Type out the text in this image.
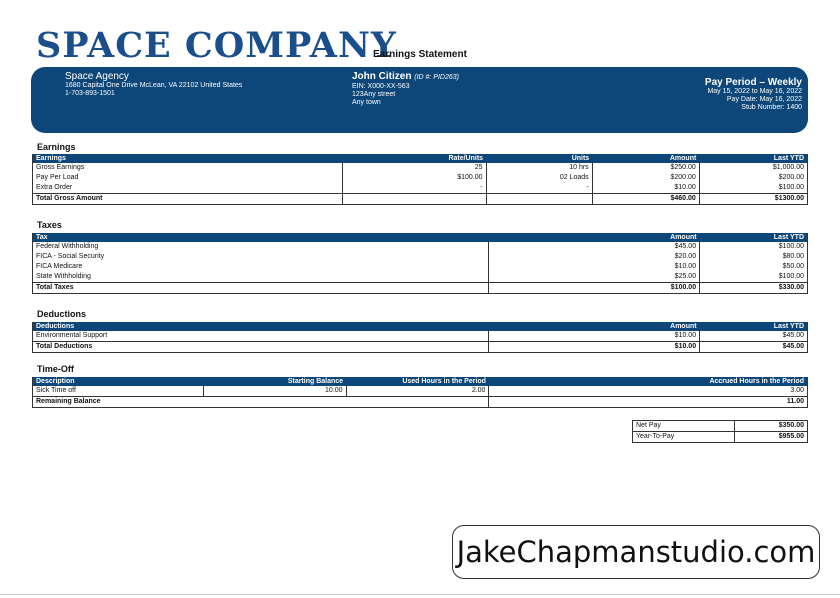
SPACE COMPANY
Earnings Statement
Space Agency
1680 Capital One Drive McLean, VA 22102 United States
1-703-893-1501
John Citizen (ID #: PID263)
EIN: X000-XX-563
123Any street
Any town
Pay Period – Weekly
May 15, 2022 to May 16, 2022
Pay Date: May 16, 2022
Stub Number: 1400
Earnings
Earnings	Rate/Units	Units	Amount	Last YTD
Gross Earnings	25	10 hrs	$250.00	$1,000.00
Pay Per Load	$100.00	02 Loads	$200.00	$200.00
Extra Order	-	-	$10.00	$100.00
Total Gross Amount			$460.00	$1300.00
Taxes
Tax	Amount	Last YTD
Federal Withholding	$45.00	$100.00
FICA - Social Security	$20.00	$80.00
FICA Medicare	$10.00	$50.00
State Withholding	$25.00	$100.00
Total Taxes	$100.00	$330.00
Deductions
Deductions	Amount	Last YTD
Environmental Support	$10.00	$45.00
Total Deductions	$10.00	$45.00
Time-Off
Description	Starting Balance	Used Hours in the Period	Accrued Hours in the Period
Sick Time off	10.00	2.00	3.00
Remaining Balance			11.00
Net Pay	$350.00
Year-To-Pay	$955.00
JakeChapmanstudio.com
